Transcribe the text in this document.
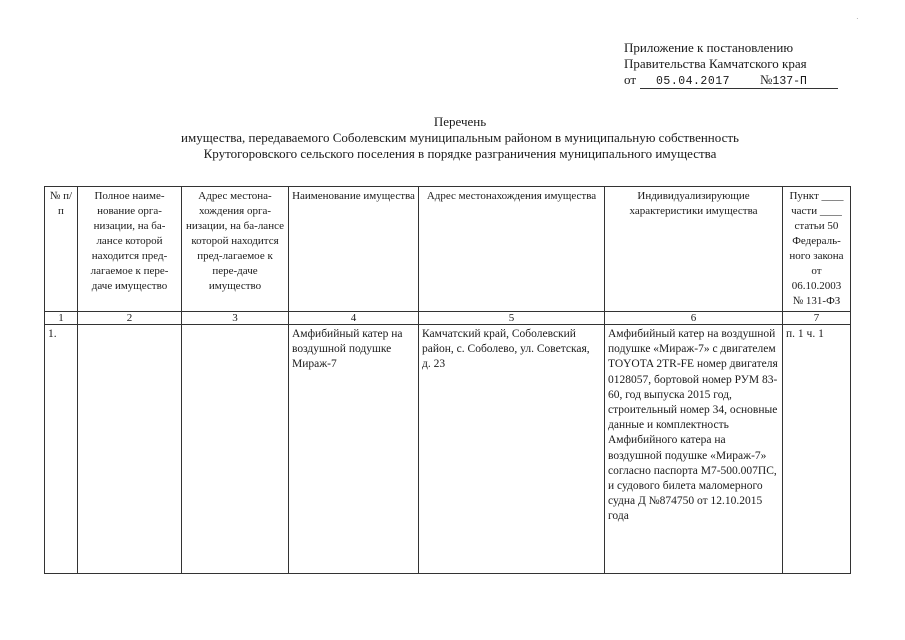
·
Приложение к постановлению
Правительства Камчатского края
от	05.04.2017	№137-П
Перечень
имущества, передаваемого Соболевским муниципальным районом в муниципальную собственность
Крутогоровского сельского поселения в порядке разграничения муниципального имущества
№ п/п	Полное наиме-нование орга-низации, на ба-лансе которой находится пред-лагаемое к пере-даче имущество	Адрес местона-хождения орга-низации, на ба-лансе которой находится пред-лагаемое к пере-даче имущество	Наименование имущества	Адрес местонахождения имущества	Индивидуализирующие характеристики имущества	Пункт ____ части ____ статьи 50 Федераль-ного закона от 06.10.2003 № 131-ФЗ
1	2	3	4	5	6	7
1.			Амфибийный катер на воздушной подушке Мираж-7	Камчатский край, Соболевский район, с. Соболево, ул. Советская, д. 23	Амфибийный катер на воздушной подушке «Мираж-7» с двигателем TOYOTA 2TR-FE номер двигателя 0128057, бортовой номер РУМ 83-60, год выпуска 2015 год, строительный номер 34, основные данные и комплектность Амфибийного катера на воздушной подушке «Мираж-7» согласно паспорта М7-500.007ПС, и судового билета маломерного судна Д №874750 от 12.10.2015 года	п. 1 ч. 1
